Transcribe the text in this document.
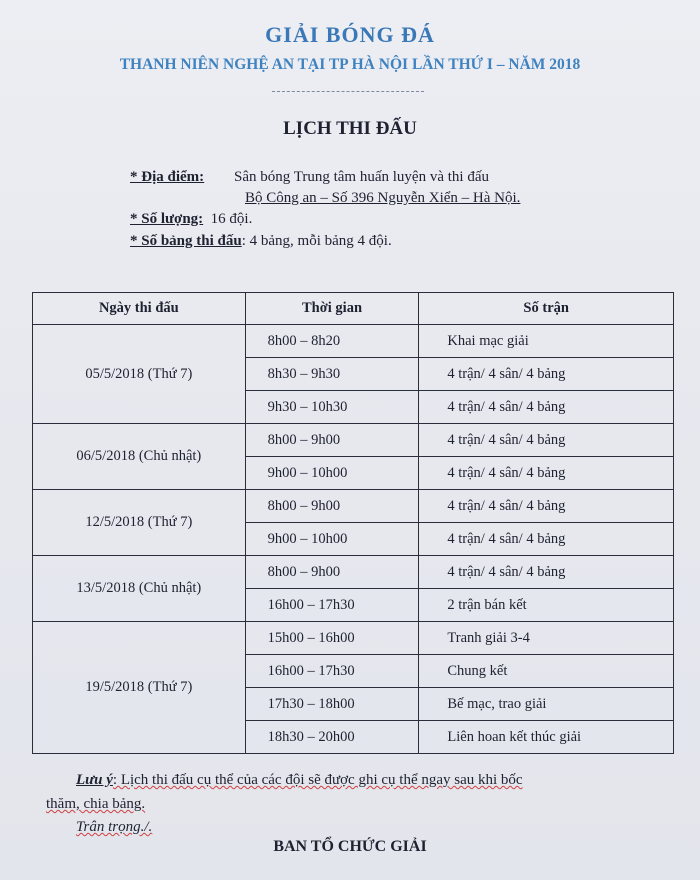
GIẢI BÓNG ĐÁ
THANH NIÊN NGHỆ AN TẠI TP HÀ NỘI LẦN THỨ I – NĂM 2018
LỊCH THI ĐẤU
* Địa điểm: Sân bóng Trung tâm huấn luyện và thi đấu
Bộ Công an – Số 396 Nguyễn Xiển – Hà Nội.
* Số lượng: 16 đội.
* Số bảng thi đấu: 4 bảng, mỗi bảng 4 đội.
Ngày thi đấu	Thời gian	Số trận
05/5/2018 (Thứ 7)	8h00 – 8h20	Khai mạc giải
	8h30 – 9h30	4 trận/ 4 sân/ 4 bảng
	9h30 – 10h30	4 trận/ 4 sân/ 4 bảng
06/5/2018 (Chủ nhật)	8h00 – 9h00	4 trận/ 4 sân/ 4 bảng
	9h00 – 10h00	4 trận/ 4 sân/ 4 bảng
12/5/2018 (Thứ 7)	8h00 – 9h00	4 trận/ 4 sân/ 4 bảng
	9h00 – 10h00	4 trận/ 4 sân/ 4 bảng
13/5/2018 (Chủ nhật)	8h00 – 9h00	4 trận/ 4 sân/ 4 bảng
	16h00 – 17h30	2 trận bán kết
19/5/2018 (Thứ 7)	15h00 – 16h00	Tranh giải 3-4
	16h00 – 17h30	Chung kết
	17h30 – 18h00	Bế mạc, trao giải
	18h30 – 20h00	Liên hoan kết thúc giải
Lưu ý: Lịch thi đấu cụ thể của các đội sẽ được ghi cụ thể ngay sau khi bốc
thăm, chia bảng.
Trân trọng./.
BAN TỔ CHỨC GIẢI
